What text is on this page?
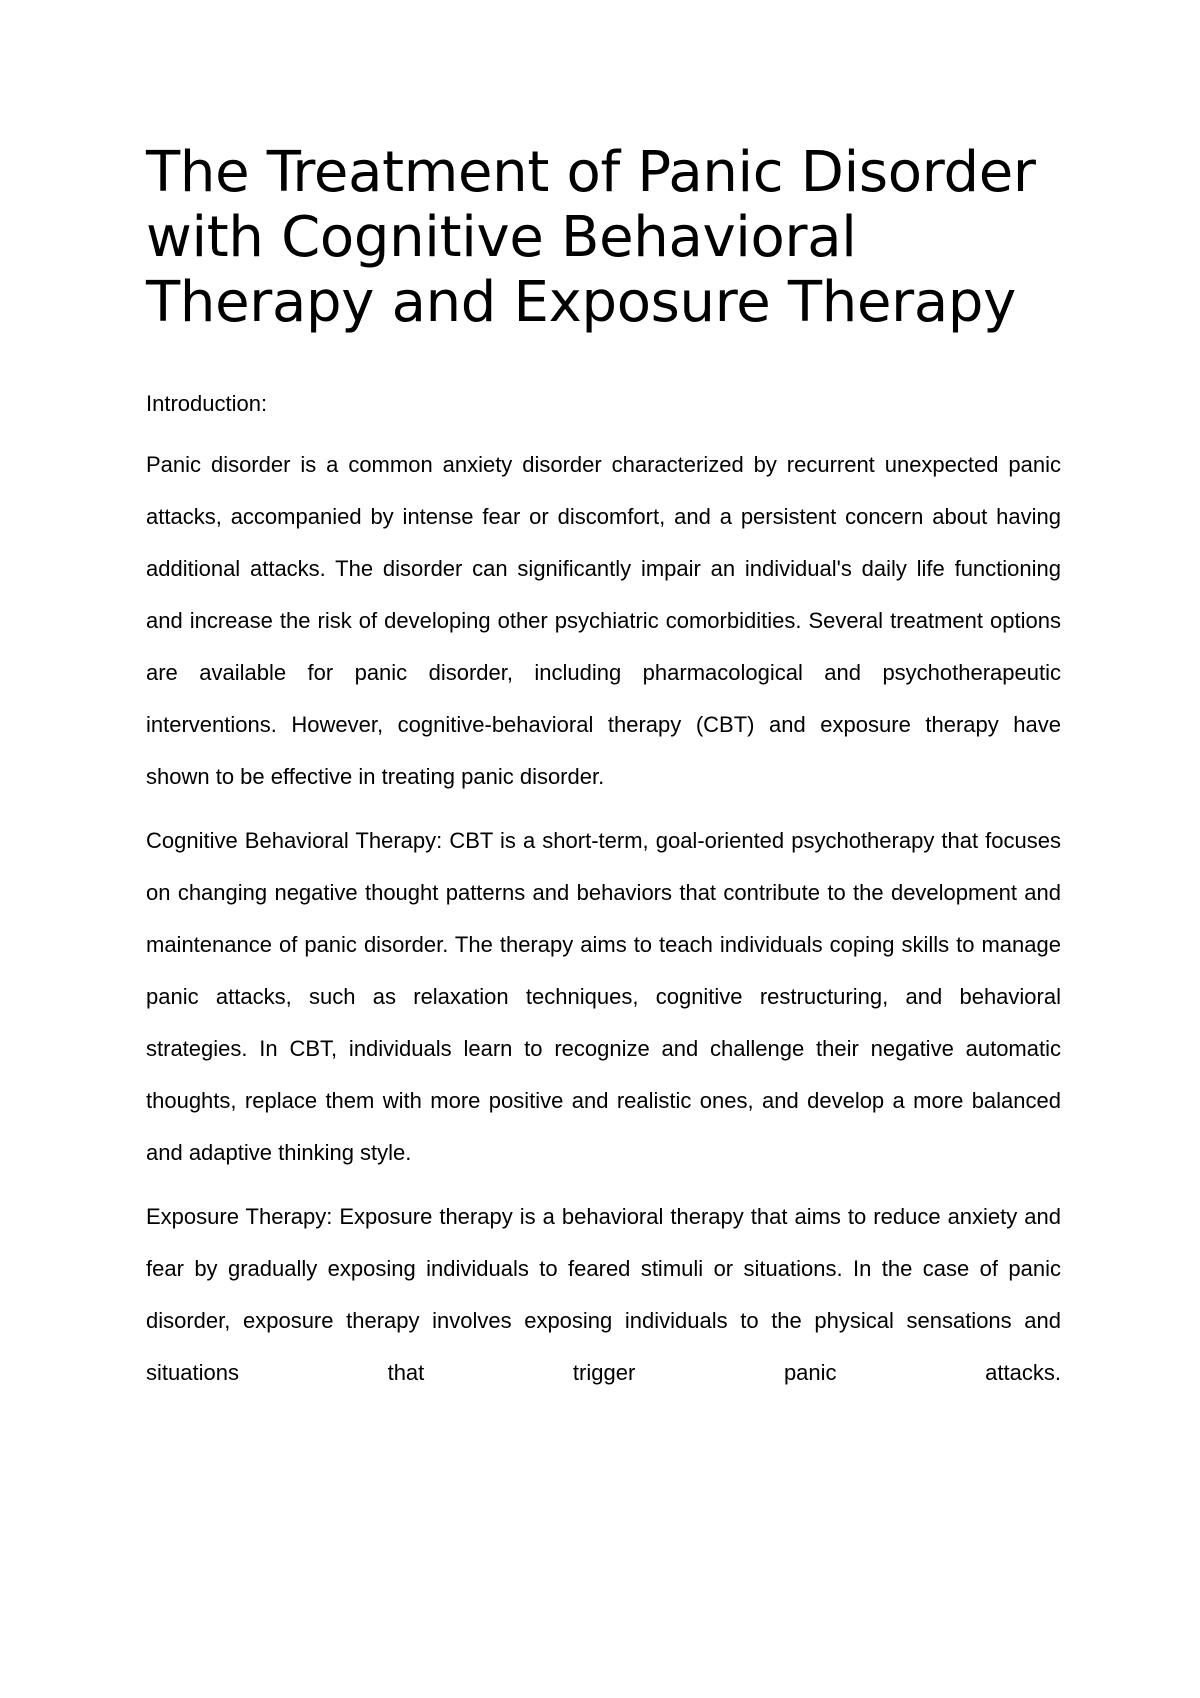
The Treatment of Panic Disorder with Cognitive Behavioral Therapy and Exposure Therapy

Introduction:

Panic disorder is a common anxiety disorder characterized by recurrent unexpected panic attacks, accompanied by intense fear or discomfort, and a persistent concern about having additional attacks. The disorder can significantly impair an individual's daily life functioning and increase the risk of developing other psychiatric comorbidities. Several treatment options are available for panic disorder, including pharmacological and psychotherapeutic interventions. However, cognitive-behavioral therapy (CBT) and exposure therapy have shown to be effective in treating panic disorder.

Cognitive Behavioral Therapy: CBT is a short-term, goal-oriented psychotherapy that focuses on changing negative thought patterns and behaviors that contribute to the development and maintenance of panic disorder. The therapy aims to teach individuals coping skills to manage panic attacks, such as relaxation techniques, cognitive restructuring, and behavioral strategies. In CBT, individuals learn to recognize and challenge their negative automatic thoughts, replace them with more positive and realistic ones, and develop a more balanced and adaptive thinking style.

Exposure Therapy: Exposure therapy is a behavioral therapy that aims to reduce anxiety and fear by gradually exposing individuals to feared stimuli or situations. In the case of panic disorder, exposure therapy involves exposing individuals to the physical sensations and situations that trigger panic attacks.
